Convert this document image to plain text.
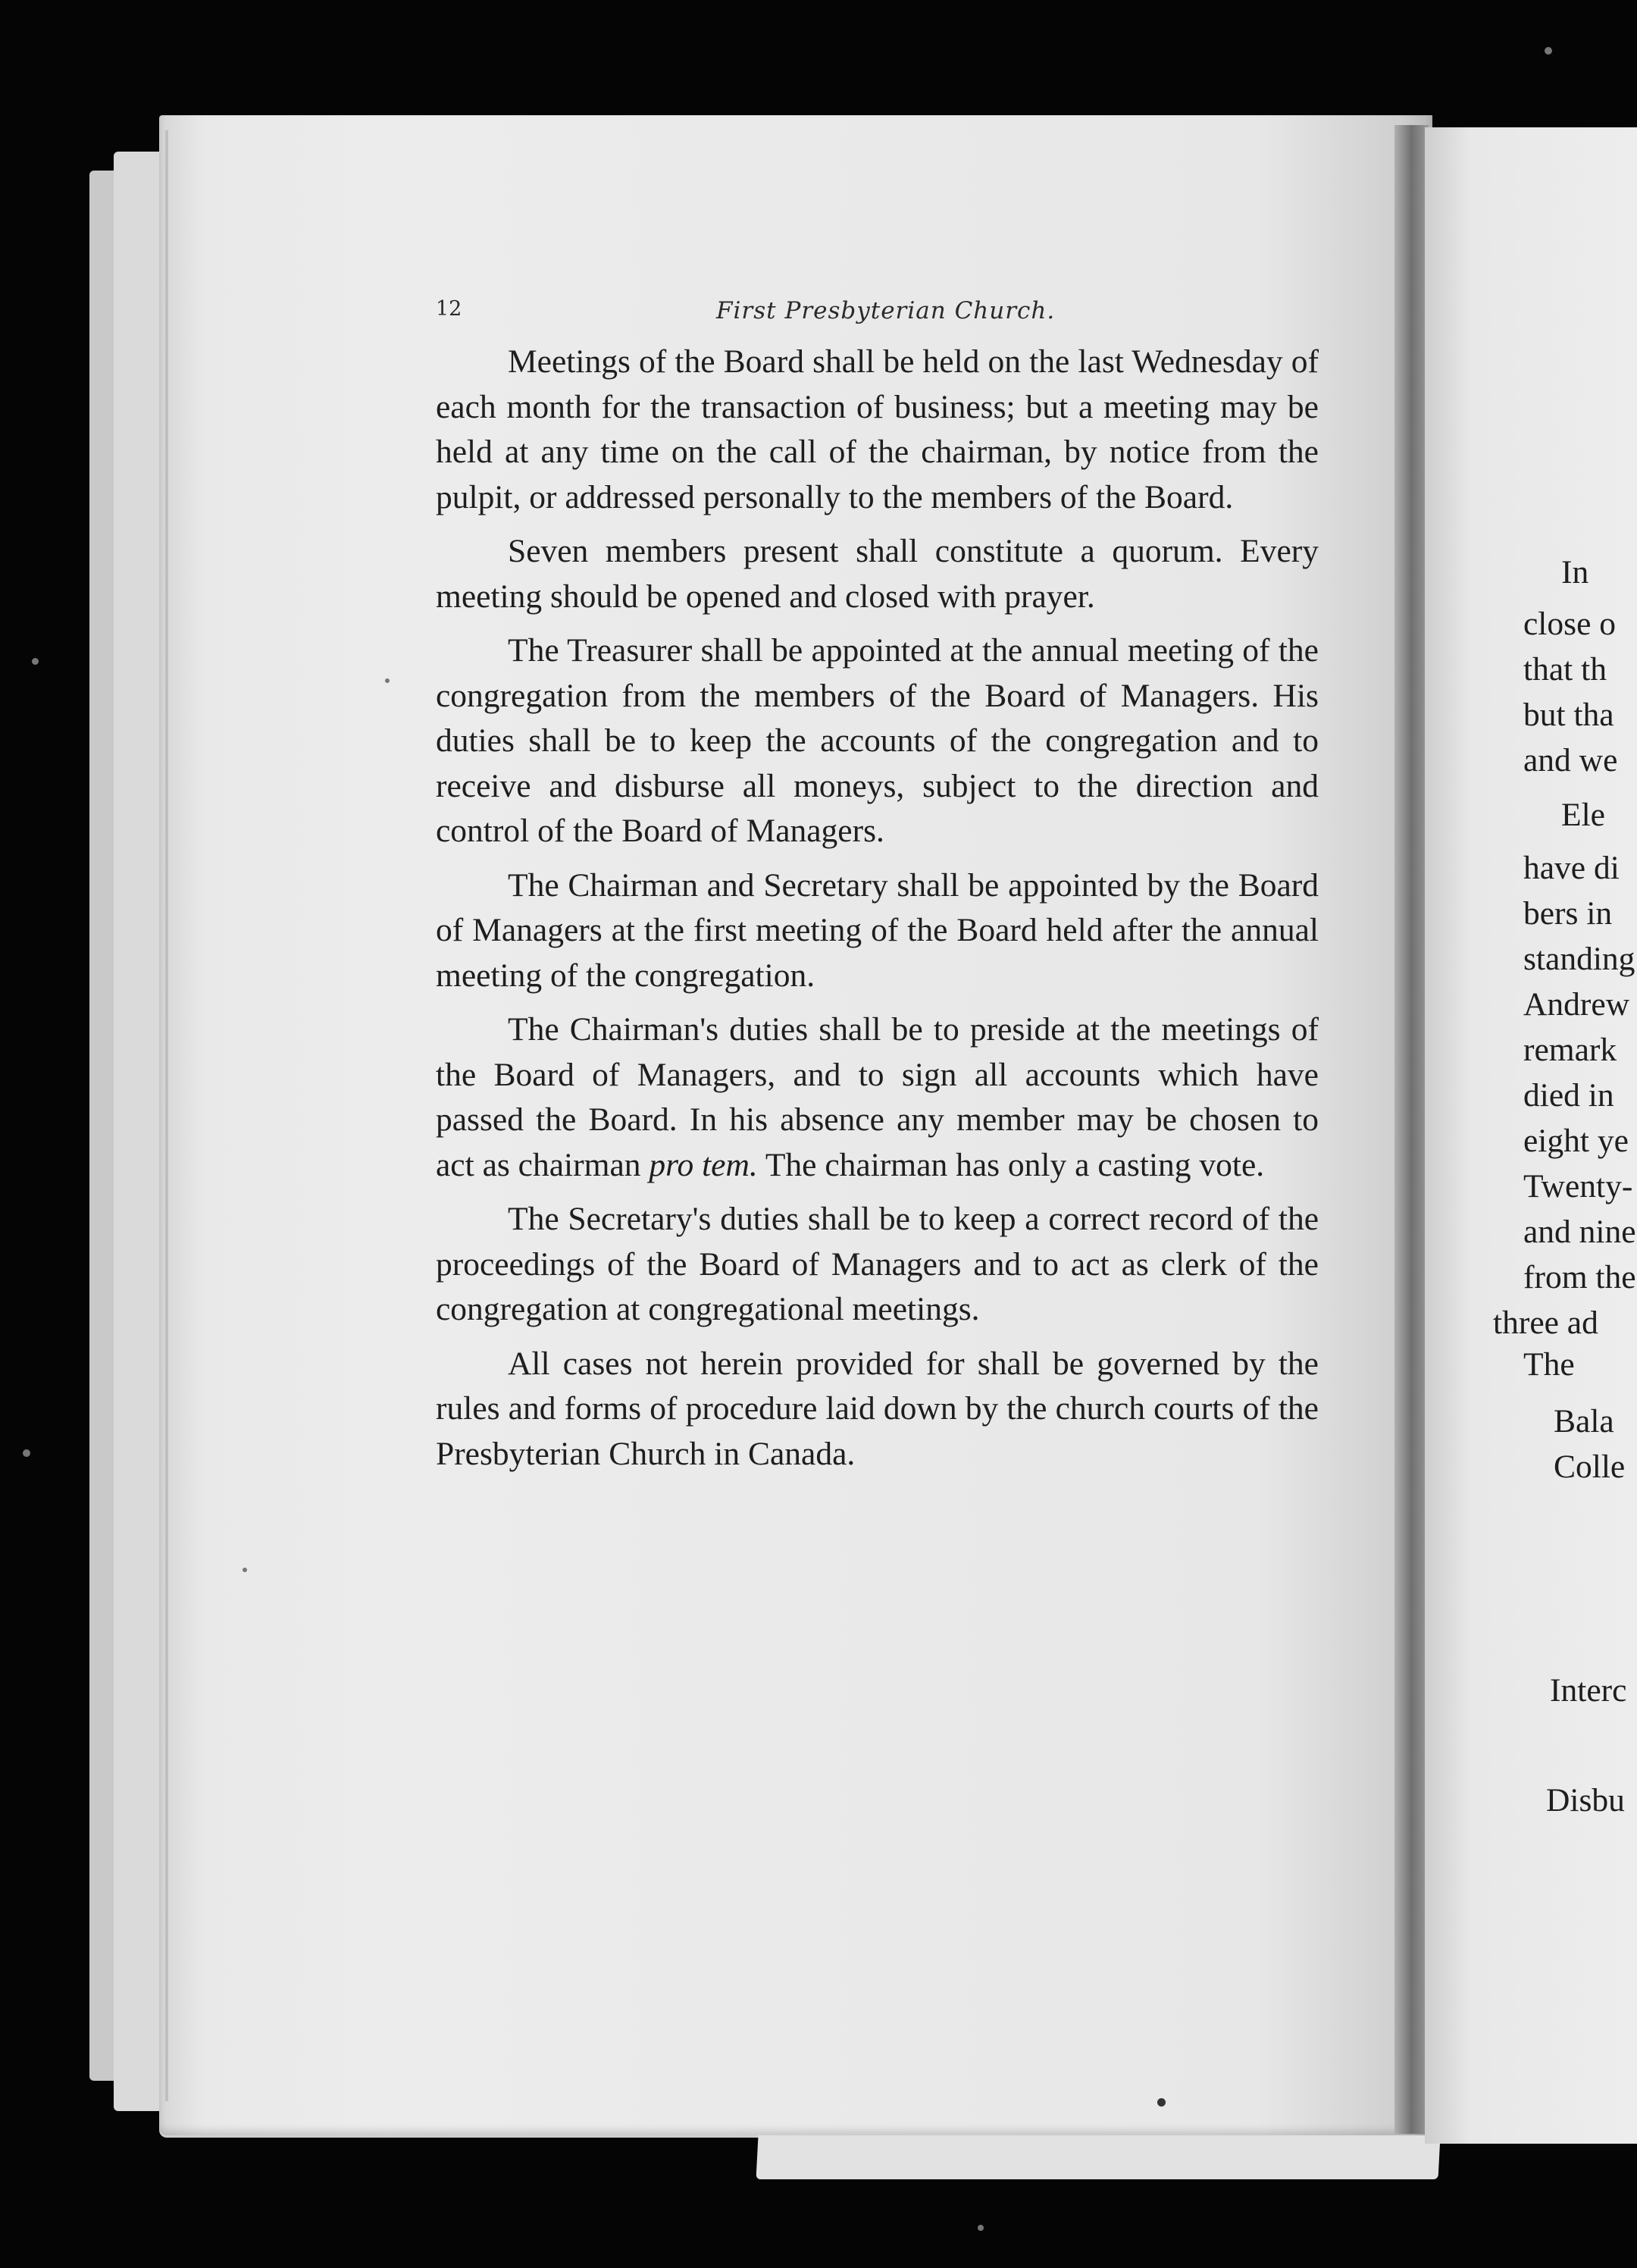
12	First Presbyterian Church.

Meetings of the Board shall be held on the last Wednesday of each month for the transaction of business; but a meeting may be held at any time on the call of the chairman, by notice from the pulpit, or addressed personally to the members of the Board.

Seven members present shall constitute a quorum. Every meeting should be opened and closed with prayer.

The Treasurer shall be appointed at the annual meeting of the congregation from the members of the Board of Managers. His duties shall be to keep the accounts of the congregation and to receive and disburse all moneys, subject to the direction and control of the Board of Managers.

The Chairman and Secretary shall be appointed by the Board of Managers at the first meeting of the Board held after the annual meeting of the congregation.

The Chairman's duties shall be to preside at the meetings of the Board of Managers, and to sign all accounts which have passed the Board. In his absence any member may be chosen to act as chairman pro tem. The chairman has only a casting vote.

The Secretary's duties shall be to keep a correct record of the proceedings of the Board of Managers and to act as clerk of the congregation at congregational meetings.

All cases not herein provided for shall be governed by the rules and forms of procedure laid down by the church courts of the Presbyterian Church in Canada.

In
close o
that th
but tha
and we
Ele
have di
bers in
standing
Andrew
remark
died in
eight ye
Twenty-
and nine
from the
three ad
The
Bala
Colle
Interc
Disbu
